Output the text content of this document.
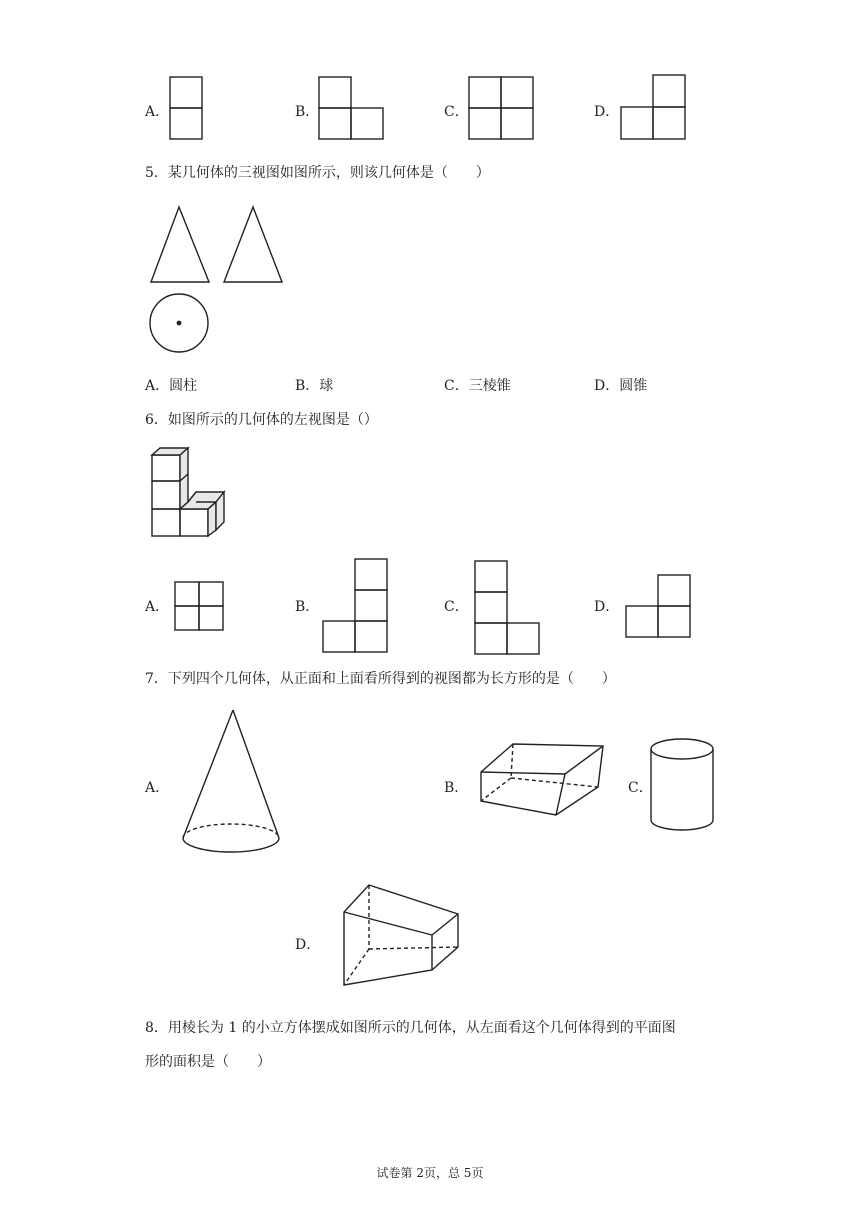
A．	B．	C．	D．
5．某几何体的三视图如图所示，则该几何体是（　　）
A．圆柱	B．球	C．三棱锥	D．圆锥
6．如图所示的几何体的左视图是（）
A．	B．	C．	D．
7．下列四个几何体，从正面和上面看所得到的视图都为长方形的是（　　）
A．	B．	C．
D．
8．用棱长为 1 的小立方体摆成如图所示的几何体，从左面看这个几何体得到的平面图
形的面积是（　　）
试卷第 2页，总 5页
